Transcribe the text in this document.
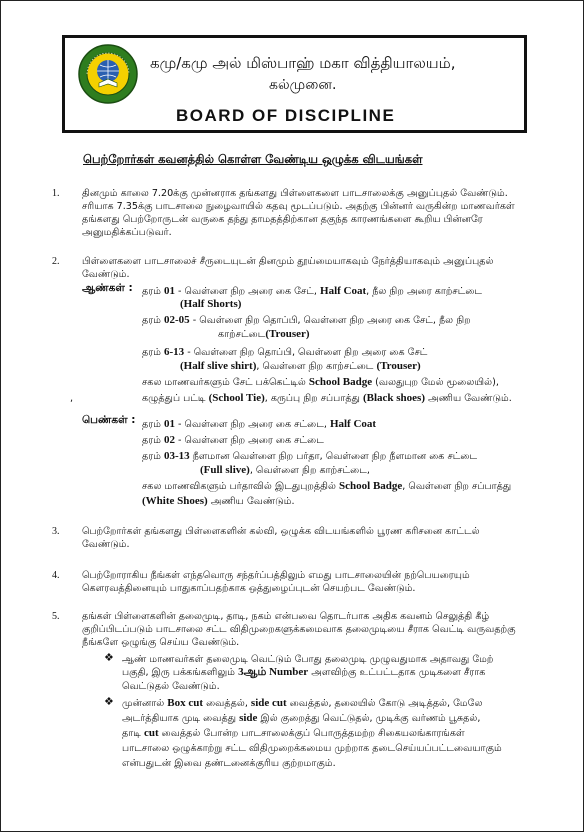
கமு/கமு அல் மிஸ்பாஹ் மகா வித்தியாலயம்,
கல்முனை.
BOARD OF DISCIPLINE
பெற்றோர்கள் கவனத்தில் கொள்ள வேண்டிய ஒழுக்க விடயங்கள்
1. தினமும் காலை 7.20க்கு முன்னராக தங்களது பிள்ளைகளை பாடசாலைக்கு அனுப்புதல் வேண்டும்.
சரியாக 7.35க்கு பாடசாலை நுழைவாயில் கதவு மூடப்படும். அதற்கு பின்னர் வருகின்ற மாணவர்கள்
தங்களது பெற்றோருடன் வருகை தந்து தாமதத்திற்கான தகுந்த காரணங்களை கூறிய பின்னரே
அனுமதிக்கப்படுவர்.
2. பிள்ளைகளை பாடசாலைச் சீருடையுடன் தினமும் தூய்மையாகவும் நேர்த்தியாகவும் அனுப்புதல்
வேண்டும்.
ஆண்கள் : தரம் 01 - வெள்ளை நிற அரை கை சேட், Half Coat, நீல நிற அரை காற்சட்டை
(Half Shorts)
தரம் 02-05 - வெள்ளை நிற தொப்பி, வெள்ளை நிற அரை கை சேட், நீல நிற
காற்சட்டை(Trouser)
தரம் 6-13 - வெள்ளை நிற தொப்பி, வெள்ளை நிற அரை கை சேட்
(Half slive shirt), வெள்ளை நிற காற்சட்டை (Trouser)
சகல மாணவர்களும் சேட் பக்கெட்டில் School Badge (வலதுபுற மேல் மூலையில்),
,	கழுத்துப் பட்டி (School Tie), கருப்பு நிற சப்பாத்து (Black shoes) அணிய வேண்டும்.
பெண்கள் : தரம் 01 - வெள்ளை நிற அரை கை சட்டை, Half Coat
தரம் 02 - வெள்ளை நிற அரை கை சட்டை
தரம் 03-13 நீளமான வெள்ளை நிற பர்தா, வெள்ளை நிற நீளமான கை சட்டை
(Full slive), வெள்ளை நிற காற்சட்டை,
சகல மாணவிகளும் பர்தாவில் இடதுபுறத்தில் School Badge, வெள்ளை நிற சப்பாத்து
(White Shoes) அணிய வேண்டும்.
3. பெற்றோர்கள் தங்களது பிள்ளைகளின் கல்வி, ஒழுக்க விடயங்களில் பூரண கரிசனை காட்டல்
வேண்டும்.
4. பெற்றோராகிய நீங்கள் எந்தவொரு சந்தர்ப்பத்திலும் எமது பாடசாலையின் நற்பெயரையும்
கௌரவத்தினையும் பாதுகாப்பதற்காக ஒத்துழைப்புடன் செயற்பட வேண்டும்.
5. தங்கள் பிள்ளைகளின் தலைமுடி, தாடி, நகம் என்பவை தொடர்பாக அதிக கவனம் செலுத்தி கீழ்
குறிப்பிடப்படும் பாடசாலை சட்ட விதிமுறைகளுக்கமைவாக தலைமுடியை சீராக வெட்டி வருவதற்கு
நீங்களே ஒழுங்கு செய்ய வேண்டும்.
❖ ஆண் மாணவர்கள் தலைமுடி வெட்டும் போது தலைமுடி முழுவதுமாக அதாவது மேற்
பகுதி, இரு பக்கங்களிலும் 3ஆம் Number அளவிற்கு உட்பட்டதாக முடிகளை சீராக
வெட்டுதல் வேண்டும்.
❖ முன்னால் Box cut வைத்தல், side cut வைத்தல், தலையில் கோடு அடித்தல், மேலே
அடர்த்தியாக முடி வைத்து side இல் குறைத்து வெட்டுதல், முடிக்கு வர்ணம் பூசுதல்,
தாடி cut வைத்தல் போன்ற பாடசாலைக்குப் பொருத்தமற்ற சிகையலங்காரங்கள்
பாடசாலை ஒழுக்காற்று சட்ட விதிமுறைக்கமைய முற்றாக தடைசெய்யப்பட்டவையாகும்
என்பதுடன் இவை தண்டனைக்குரிய குற்றமாகும்.
